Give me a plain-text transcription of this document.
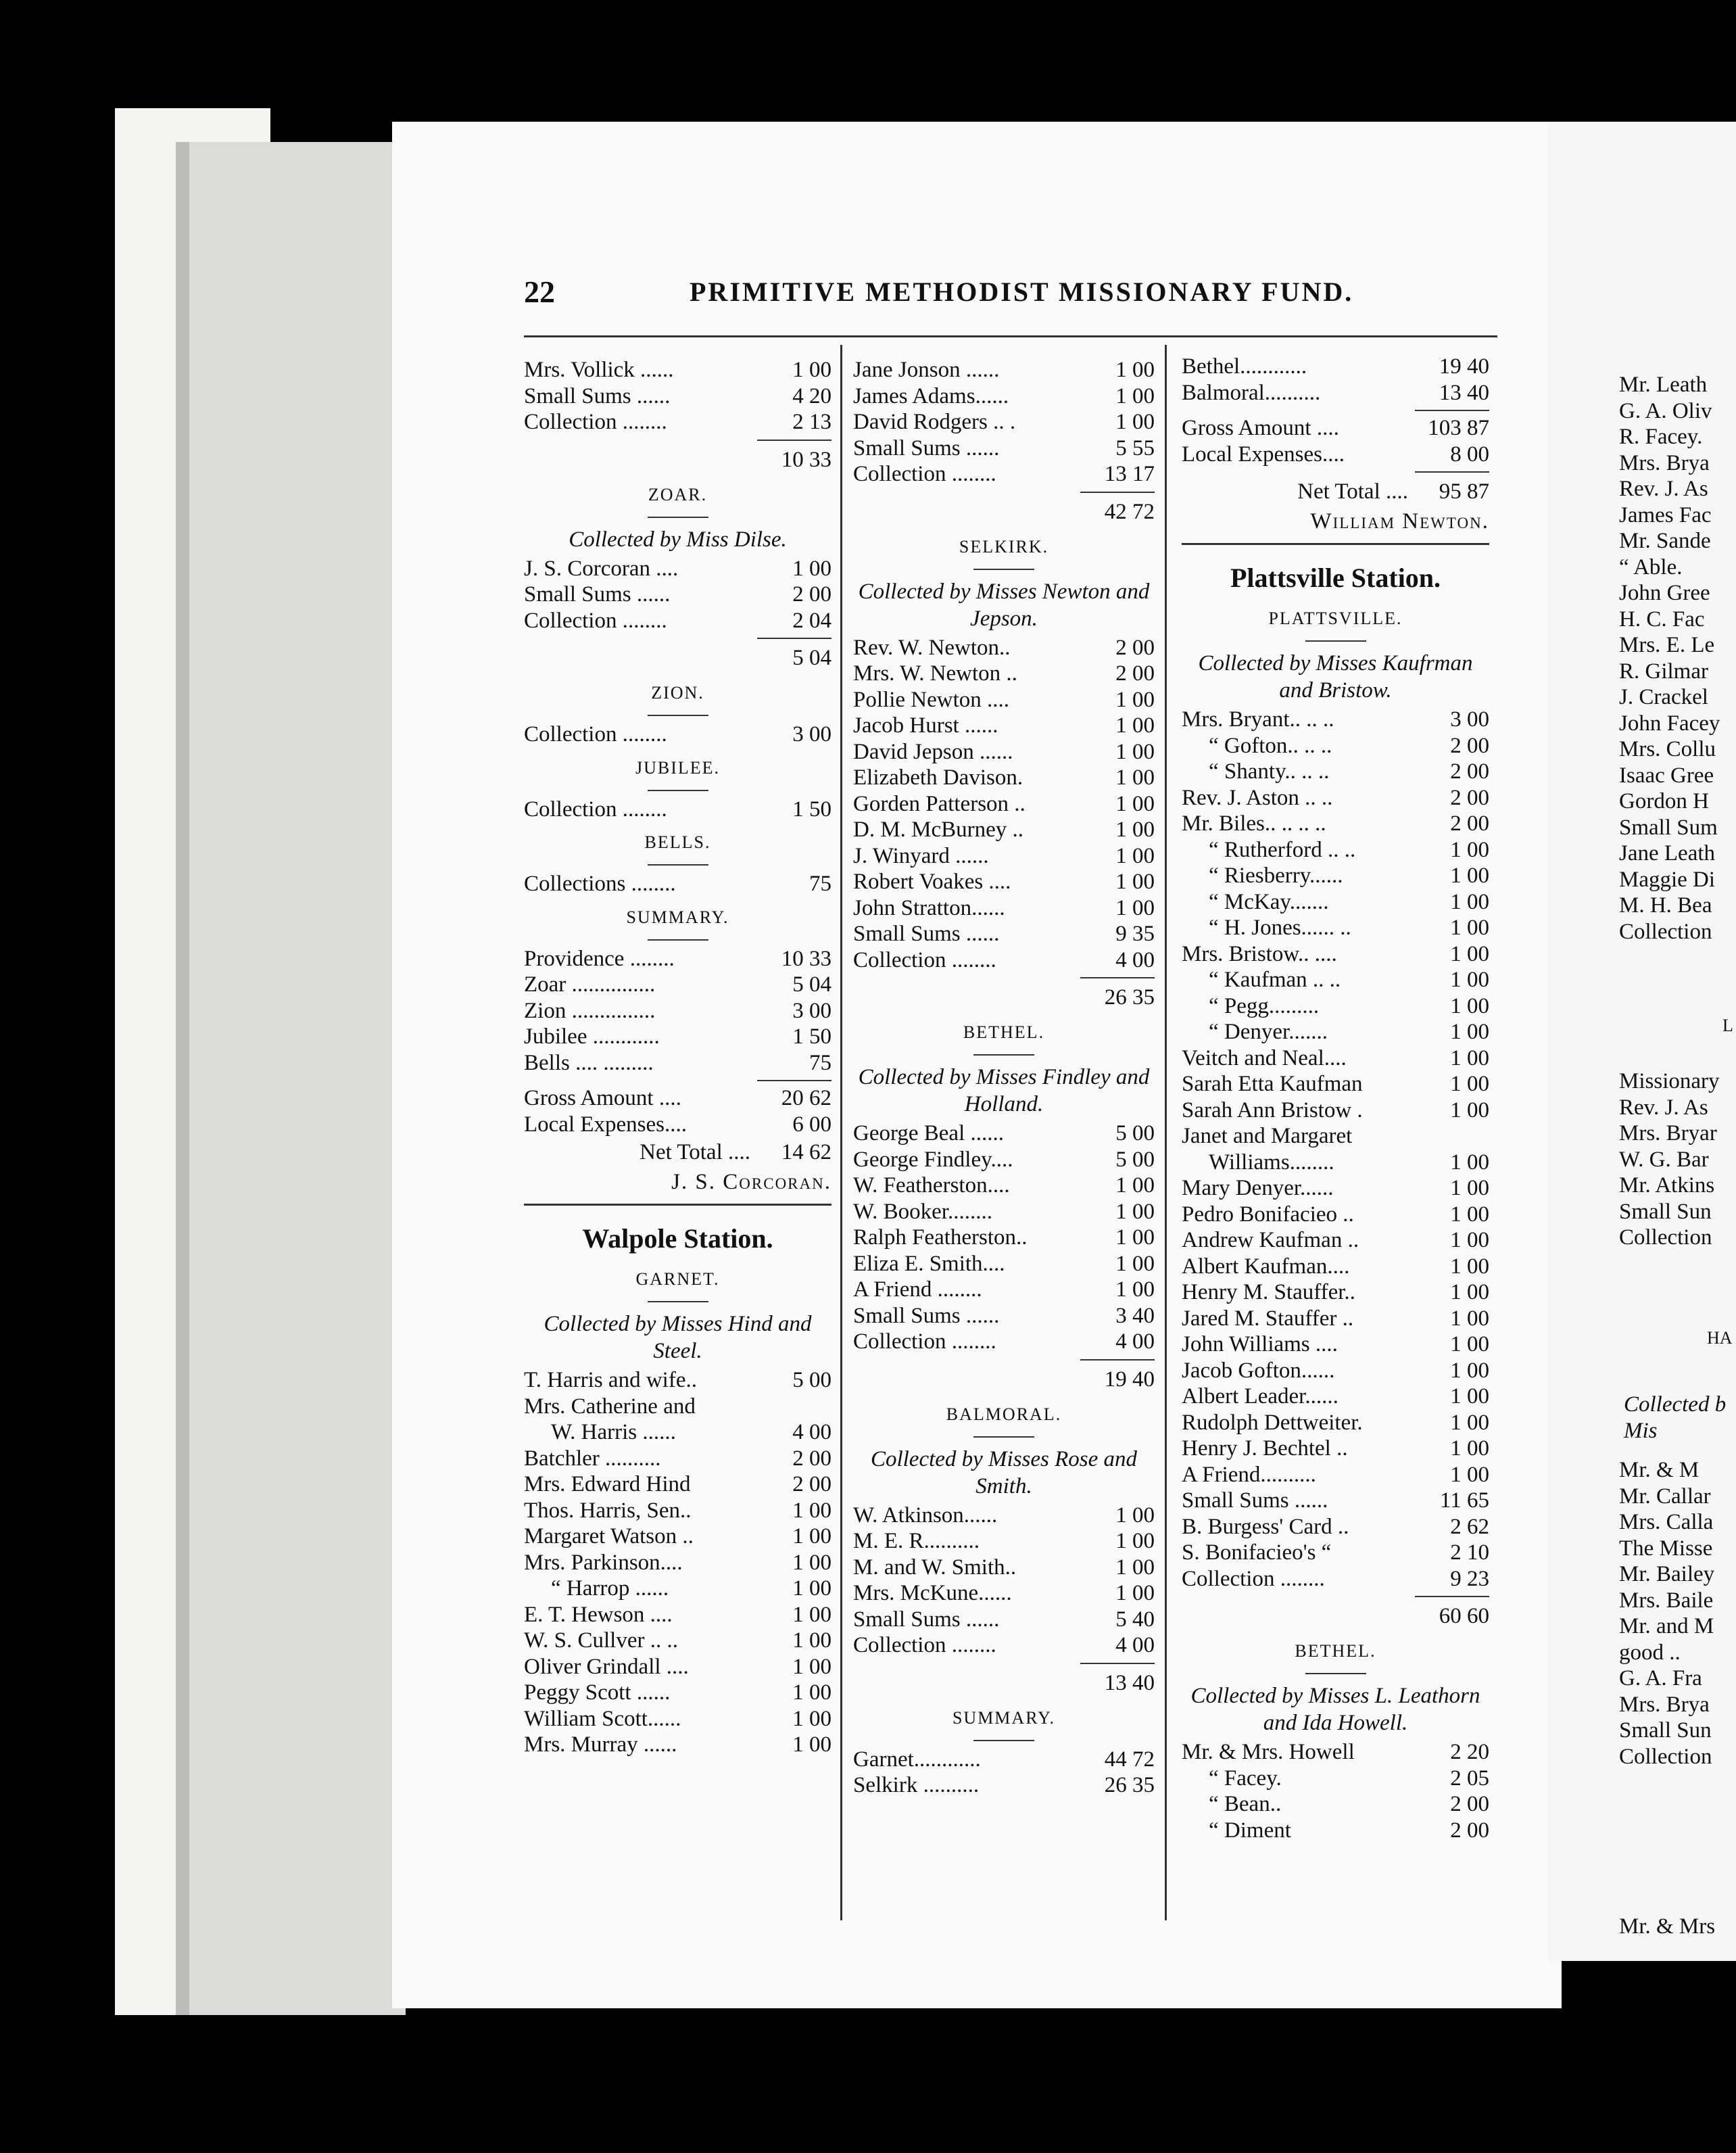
22	PRIMITIVE METHODIST MISSIONARY FUND.
Mrs. Vollick ......	1 00
Small Sums ......	4 20
Collection ........	2 13
10 33
ZOAR.
Collected by Miss Dilse.
J. S. Corcoran ....	1 00
Small Sums ......	2 00
Collection ........	2 04
5 04
ZION.
Collection ........	3 00
JUBILEE.
Collection ........	1 50
BELLS.
Collections ........	75
SUMMARY.
Providence ........	10 33
Zoar ...............	5 04
Zion ...............	3 00
Jubilee ............	1 50
Bells .... .........	75
Gross Amount ....	20 62
Local Expenses....	6 00
Net Total .... 14 62
J. S. Corcoran.
Walpole Station.
GARNET.
Collected by Misses Hind and Steel.
T. Harris and wife..	5 00
Mrs. Catherine and
W. Harris ......	4 00
Batchler ..........	2 00
Mrs. Edward Hind	2 00
Thos. Harris, Sen..	1 00
Margaret Watson ..	1 00
Mrs. Parkinson....	1 00
“ Harrop ......	1 00
E. T. Hewson ....	1 00
W. S. Cullver .. ..	1 00
Oliver Grindall ....	1 00
Peggy Scott ......	1 00
William Scott......	1 00
Mrs. Murray ......	1 00
Jane Jonson ......	1 00
James Adams......	1 00
David Rodgers .. .	1 00
Small Sums ......	5 55
Collection ........	13 17
42 72
SELKIRK.
Collected by Misses Newton and Jepson.
Rev. W. Newton..	2 00
Mrs. W. Newton ..	2 00
Pollie Newton ....	1 00
Jacob Hurst ......	1 00
David Jepson ......	1 00
Elizabeth Davison.	1 00
Gorden Patterson ..	1 00
D. M. McBurney ..	1 00
J. Winyard ......	1 00
Robert Voakes ....	1 00
John Stratton......	1 00
Small Sums ......	9 35
Collection ........	4 00
26 35
BETHEL.
Collected by Misses Findley and Holland.
George Beal ......	5 00
George Findley....	5 00
W. Featherston....	1 00
W. Booker........	1 00
Ralph Featherston..	1 00
Eliza E. Smith....	1 00
A Friend ........	1 00
Small Sums ......	3 40
Collection ........	4 00
19 40
BALMORAL.
Collected by Misses Rose and Smith.
W. Atkinson......	1 00
M. E. R..........	1 00
M. and W. Smith..	1 00
Mrs. McKune......	1 00
Small Sums ......	5 40
Collection ........	4 00
13 40
SUMMARY.
Garnet............	44 72
Selkirk ..........	26 35
Bethel............	19 40
Balmoral..........	13 40
Gross Amount ....	103 87
Local Expenses....	8 00
Net Total .... 95 87
William Newton.
Plattsville Station.
PLATTSVILLE.
Collected by Misses Kaufrman and Bristow.
Mrs. Bryant.. .. ..	3 00
“ Gofton.. .. ..	2 00
“ Shanty.. .. ..	2 00
Rev. J. Aston .. ..	2 00
Mr. Biles.. .. .. ..	2 00
“ Rutherford .. ..	1 00
“ Riesberry......	1 00
“ McKay.......	1 00
“ H. Jones...... ..	1 00
Mrs. Bristow.. ....	1 00
“ Kaufman .. ..	1 00
“ Pegg.........	1 00
“ Denyer.......	1 00
Veitch and Neal....	1 00
Sarah Etta Kaufman	1 00
Sarah Ann Bristow .	1 00
Janet and Margaret
Williams........	1 00
Mary Denyer......	1 00
Pedro Bonifacieo ..	1 00
Andrew Kaufman ..	1 00
Albert Kaufman....	1 00
Henry M. Stauffer..	1 00
Jared M. Stauffer ..	1 00
John Williams ....	1 00
Jacob Gofton......	1 00
Albert Leader......	1 00
Rudolph Dettweiter.	1 00
Henry J. Bechtel ..	1 00
A Friend..........	1 00
Small Sums ......	11 65
B. Burgess' Card ..	2 62
S. Bonifacieo's “	2 10
Collection ........	9 23
60 60
BETHEL.
Collected by Misses L. Leathorn and Ida Howell.
Mr. & Mrs. Howell	2 20
“ Facey.	2 05
“ Bean..	2 00
“ Diment	2 00
Mr. Leath
G. A. Oliv
R. Facey.
Mrs. Brya
Rev. J. As
James Fac
Mr. Sande
“ Able.
John Gree
H. C. Fac
Mrs. E. Le
R. Gilmar
J. Crackel
John Facey
Mrs. Collu
Isaac Gree
Gordon H
Small Sum
Jane Leath
Maggie Di
M. H. Bea
Collection
L
Missionary
Rev. J. As
Mrs. Bryar
W. G. Bar
Mr. Atkins
Small Sun
Collection
HA
Collected b
Mis
Mr. & M
Mr. Callar
Mrs. Calla
The Misse
Mr. Bailey
Mrs. Baile
Mr. and M
good ..
G. A. Fra
Mrs. Brya
Small Sun
Collection
Mr. & Mrs
